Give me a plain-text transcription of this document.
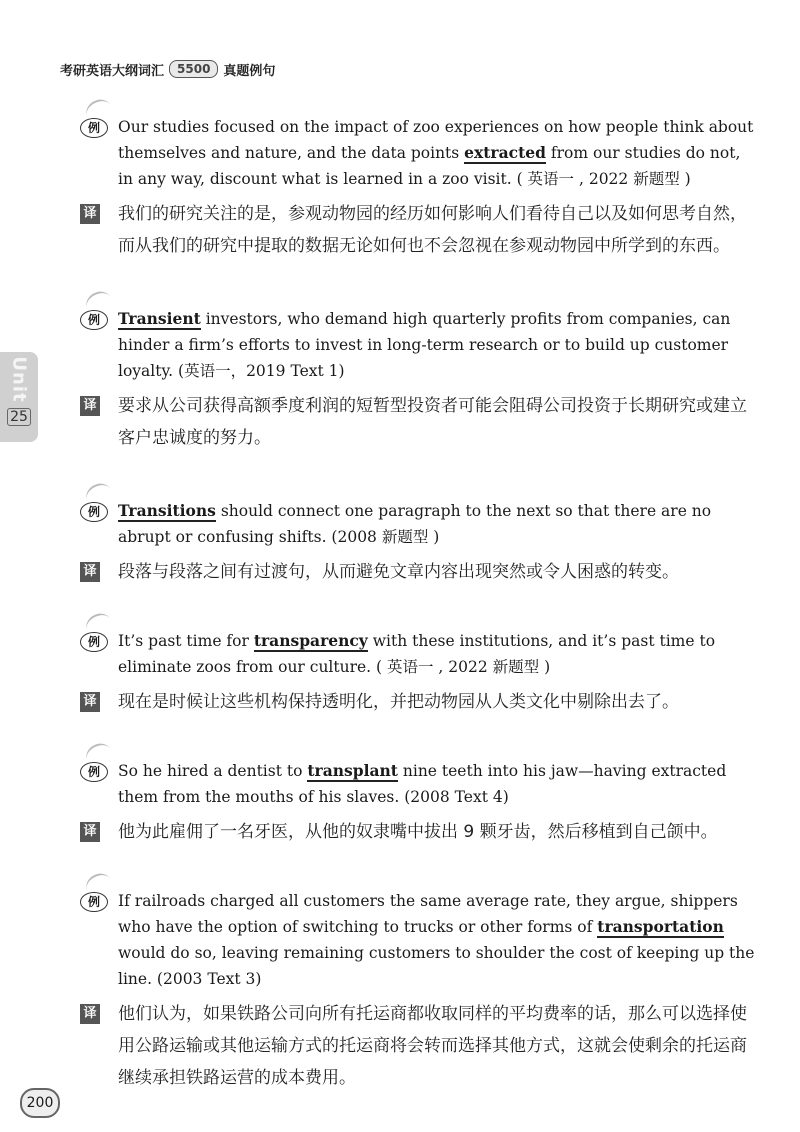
考研英语大纲词汇	5500	真题例句
Unit
25
例	Our studies focused on the impact of zoo experiences on how people think about themselves and nature, and the data points extracted from our studies do not, in any way, discount what is learned in a zoo visit. ( 英语一 , 2022 新题型 )
译 我们的研究关注的是，参观动物园的经历如何影响人们看待自己以及如何思考自然，而从我们的研究中提取的数据无论如何也不会忽视在参观动物园中所学到的东西。
例	Transient investors, who demand high quarterly profits from companies, can hinder a firm’s efforts to invest in long-term research or to build up customer loyalty. (英语一，2019 Text 1)
译 要求从公司获得高额季度利润的短暂型投资者可能会阻碍公司投资于长期研究或建立客户忠诚度的努力。
例	Transitions should connect one paragraph to the next so that there are no abrupt or confusing shifts. (2008 新题型 )
译 段落与段落之间有过渡句，从而避免文章内容出现突然或令人困惑的转变。
例	It’s past time for transparency with these institutions, and it’s past time to eliminate zoos from our culture. ( 英语一 , 2022 新题型 )
译 现在是时候让这些机构保持透明化，并把动物园从人类文化中剔除出去了。
例	So he hired a dentist to transplant nine teeth into his jaw—having extracted them from the mouths of his slaves. (2008 Text 4)
译 他为此雇佣了一名牙医，从他的奴隶嘴中拔出 9 颗牙齿，然后移植到自己颌中。
例	If railroads charged all customers the same average rate, they argue, shippers who have the option of switching to trucks or other forms of transportation would do so, leaving remaining customers to shoulder the cost of keeping up the line. (2003 Text 3)
译 他们认为，如果铁路公司向所有托运商都收取同样的平均费率的话，那么可以选择使用公路运输或其他运输方式的托运商将会转而选择其他方式，这就会使剩余的托运商继续承担铁路运营的成本费用。
200
